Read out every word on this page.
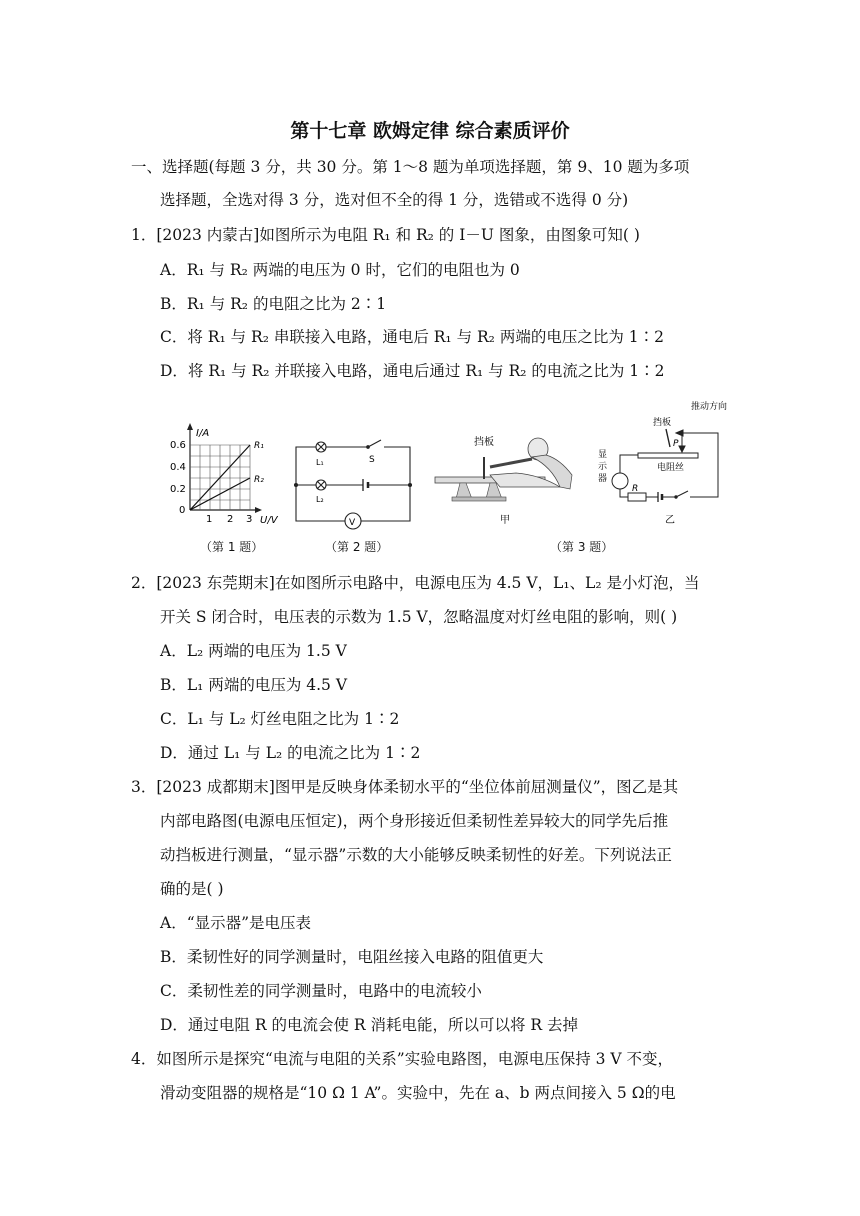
第十七章 欧姆定律 综合素质评价
一、选择题(每题 3 分，共 30 分。第 1～8 题为单项选择题，第 9、10 题为多项
选择题，全选对得 3 分，选对但不全的得 1 分，选错或不选得 0 分)
1．[2023 内蒙古]如图所示为电阻 R₁ 和 R₂ 的 I－U 图象，由图象可知( )
A．R₁ 与 R₂ 两端的电压为 0 时，它们的电阻也为 0
B．R₁ 与 R₂ 的电阻之比为 2∶1
C．将 R₁ 与 R₂ 串联接入电路，通电后 R₁ 与 R₂ 两端的电压之比为 1∶2
D．将 R₁ 与 R₂ 并联接入电路，通电后通过 R₁ 与 R₂ 的电流之比为 1∶2
I/A
U/V
R₁
R₂
0.6
0.4
0.2
0
1 2 3
L₁
L₂
S
V
挡板
甲
推动方向
挡板
P
电阻丝
显
示
器
R
乙
（第 1 题）	（第 2 题）	（第 3 题）
2．[2023 东莞期末]在如图所示电路中，电源电压为 4.5 V，L₁、L₂ 是小灯泡，当
开关 S 闭合时，电压表的示数为 1.5 V，忽略温度对灯丝电阻的影响，则( )
A．L₂ 两端的电压为 1.5 V
B．L₁ 两端的电压为 4.5 V
C．L₁ 与 L₂ 灯丝电阻之比为 1∶2
D．通过 L₁ 与 L₂ 的电流之比为 1∶2
3．[2023 成都期末]图甲是反映身体柔韧水平的“坐位体前屈测量仪”，图乙是其
内部电路图(电源电压恒定)，两个身形接近但柔韧性差异较大的同学先后推
动挡板进行测量，“显示器”示数的大小能够反映柔韧性的好差。下列说法正
确的是( )
A．“显示器”是电压表
B．柔韧性好的同学测量时，电阻丝接入电路的阻值更大
C．柔韧性差的同学测量时，电路中的电流较小
D．通过电阻 R 的电流会使 R 消耗电能，所以可以将 R 去掉
4．如图所示是探究“电流与电阻的关系”实验电路图，电源电压保持 3 V 不变，
滑动变阻器的规格是“10 Ω 1 A”。实验中，先在 a、b 两点间接入 5 Ω的电
